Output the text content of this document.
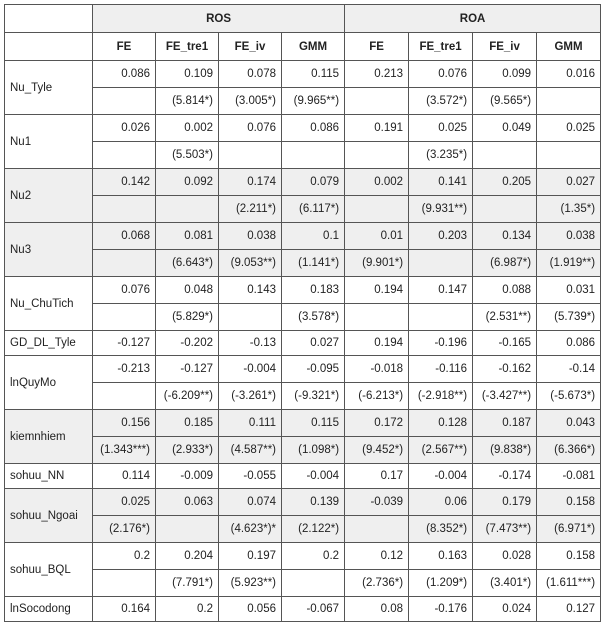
	ROS				ROA			
	FE	FE_tre1	FE_iv	GMM	FE	FE_tre1	FE_iv	GMM
Nu_Tyle	0.086	0.109	0.078	0.115	0.213	0.076	0.099	0.016
		(5.814*)	(3.005*)	(9.965**)		(3.572*)	(9.565*)	
Nu1	0.026	0.002	0.076	0.086	0.191	0.025	0.049	0.025
		(5.503*)				(3.235*)		
Nu2	0.142	0.092	0.174	0.079	0.002	0.141	0.205	0.027
			(2.211*)	(6.117*)		(9.931**)		(1.35*)
Nu3	0.068	0.081	0.038	0.1	0.01	0.203	0.134	0.038
		(6.643*)	(9.053**)	(1.141*)	(9.901*)		(6.987*)	(1.919**)
Nu_ChuTich	0.076	0.048	0.143	0.183	0.194	0.147	0.088	0.031
		(5.829*)		(3.578*)			(2.531**)	(5.739*)
GD_DL_Tyle	-0.127	-0.202	-0.13	0.027	0.194	-0.196	-0.165	0.086
lnQuyMo	-0.213	-0.127	-0.004	-0.095	-0.018	-0.116	-0.162	-0.14
		(-6.209**)	(-3.261*)	(-9.321*)	(-6.213*)	(-2.918**)	(-3.427**)	(-5.673*)
kiemnhiem	0.156	0.185	0.111	0.115	0.172	0.128	0.187	0.043
	(1.343***)	(2.933*)	(4.587**)	(1.098*)	(9.452*)	(2.567**)	(9.838*)	(6.366*)
sohuu_NN	0.114	-0.009	-0.055	-0.004	0.17	-0.004	-0.174	-0.081
sohuu_Ngoai	0.025	0.063	0.074	0.139	-0.039	0.06	0.179	0.158
	(2.176*)		(4.623*)*	(2.122*)		(8.352*)	(7.473**)	(6.971*)
sohuu_BQL	0.2	0.204	0.197	0.2	0.12	0.163	0.028	0.158
		(7.791*)	(5.923**)		(2.736*)	(1.209*)	(3.401*)	(1.611***)
lnSocodong	0.164	0.2	0.056	-0.067	0.08	-0.176	0.024	0.127
